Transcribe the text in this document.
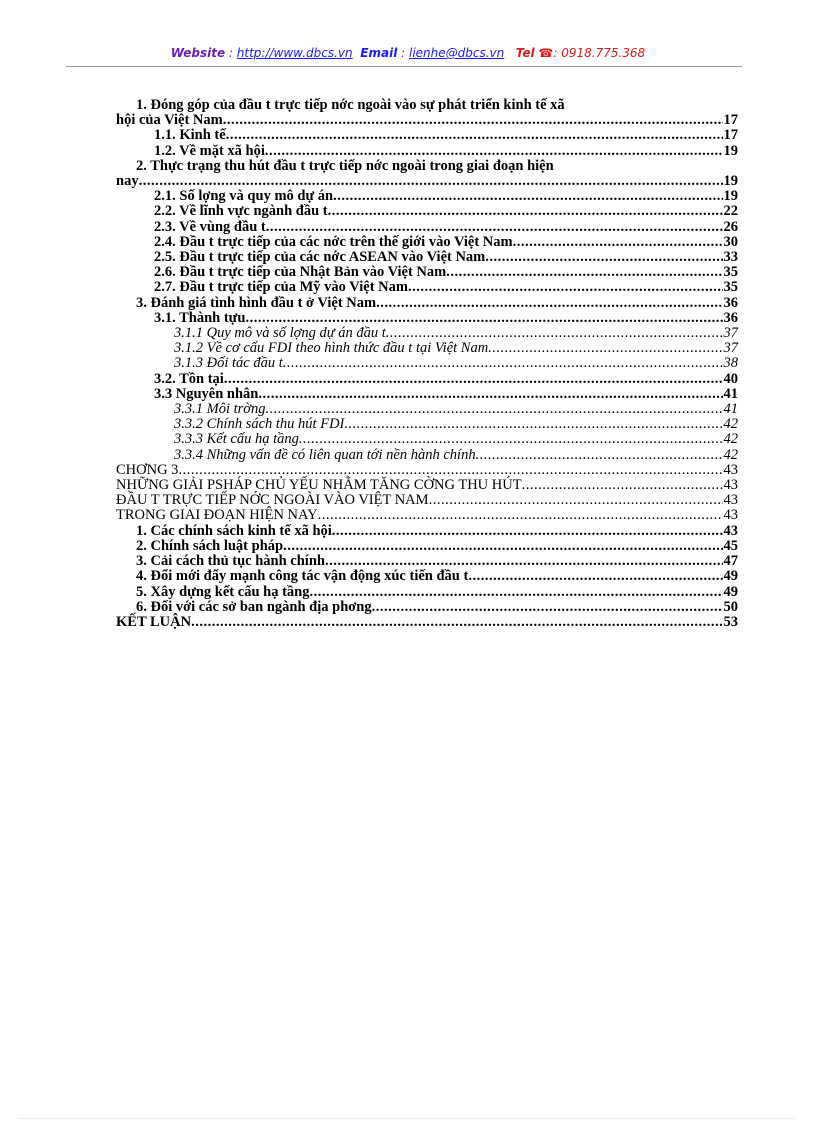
Website : http://www.dbcs.vn Email : lienhe@dbcs.vn Tel ☎: 0918.775.368
1. Đóng góp của đầu t trực tiếp nớc ngoài vào sự phát triển kinh tế xã
hội của Việt Nam .....	17
1.1. Kinh tế .....	17
1.2. Về mặt xã hội .....	19
2. Thực trạng thu hút đầu t trực tiếp nớc ngoài trong giai đoạn hiện
nay .....	19
2.1. Số lợng và quy mô dự án .....	19
2.2. Về lĩnh vực ngành đầu t .....	22
2.3. Về vùng đầu t .....	26
2.4. Đầu t trực tiếp của các nớc trên thế giới vào Việt Nam .....	30
2.5. Đầu t trực tiếp của các nớc ASEAN vào Việt Nam .....	33
2.6. Đầu t trực tiếp của Nhật Bản vào Việt Nam .....	35
2.7. Đầu t trực tiếp của Mỹ vào Việt Nam .....	35
3. Đánh giá tình hình đầu t ở Việt Nam .....	36
3.1. Thành tựu .....	36
3.1.1 Quy mô và số lợng dự án đầu t .....	37
3.1.2 Về cơ cấu FDI theo hình thức đầu t tại Việt Nam .....	37
3.1.3 Đối tác đầu t .....	38
3.2. Tồn tại .....	40
3.3 Nguyên nhân .....	41
3.3.1 Môi trờng .....	41
3.3.2 Chính sách thu hút FDI .....	42
3.3.3 Kết cấu hạ tầng .....	42
3.3.4 Những vấn đề có liên quan tới nền hành chính .....	42
CHƠNG 3 .....	43
NHỮNG GIẢI PSHÁP CHỦ YẾU NHẰM TĂNG CỜNG THU HÚT .....	43
ĐẦU T TRỰC TIẾP NỚC NGOÀI VÀO VIỆT NAM .....	43
TRONG GIAI ĐOẠN HIỆN NAY .....	43
1. Các chính sách kinh tế xã hội .....	43
2. Chính sách luật pháp .....	45
3. Cải cách thủ tục hành chính .....	47
4. Đổi mới đẩy mạnh công tác vận động xúc tiến đầu t .....	49
5. Xây dựng kết cấu hạ tầng .....	49
6. Đối với các sở ban ngành địa phơng .....	50
KẾT LUẬN .....	53
